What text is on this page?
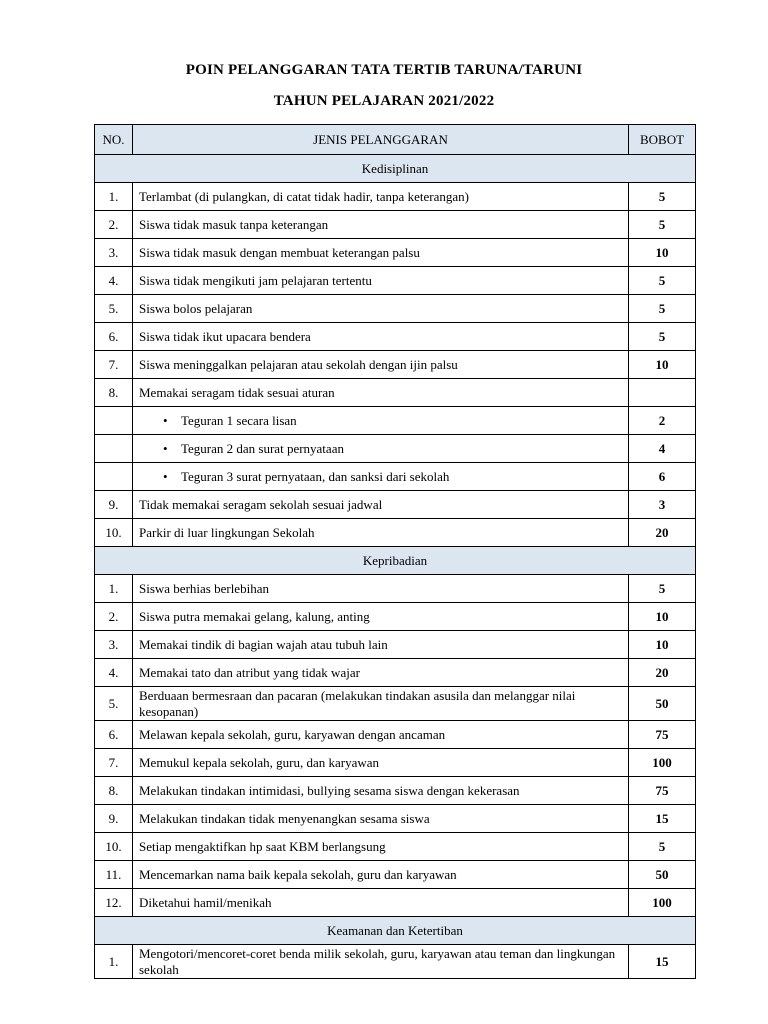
POIN PELANGGARAN TATA TERTIB TARUNA/TARUNI
TAHUN PELAJARAN 2021/2022
NO.	JENIS PELANGGARAN	BOBOT
Kedisiplinan		
1.	Terlambat (di pulangkan, di catat tidak hadir, tanpa keterangan)	5
2.	Siswa tidak masuk tanpa keterangan	5
3.	Siswa tidak masuk dengan membuat keterangan palsu	10
4.	Siswa tidak mengikuti jam pelajaran tertentu	5
5.	Siswa bolos pelajaran	5
6.	Siswa tidak ikut upacara bendera	5
7.	Siswa meninggalkan pelajaran atau sekolah dengan ijin palsu	10
8.	Memakai seragam tidak sesuai aturan	
	• Teguran 1 secara lisan	2
	• Teguran 2 dan surat pernyataan	4
	• Teguran 3 surat pernyataan, dan sanksi dari sekolah	6
9.	Tidak memakai seragam sekolah sesuai jadwal	3
10.	Parkir di luar lingkungan Sekolah	20
Kepribadian		
1.	Siswa berhias berlebihan	5
2.	Siswa putra memakai gelang, kalung, anting	10
3.	Memakai tindik di bagian wajah atau tubuh lain	10
4.	Memakai tato dan atribut yang tidak wajar	20
5.	Berduaan bermesraan dan pacaran (melakukan tindakan asusila dan melanggar nilai kesopanan)	50
6.	Melawan kepala sekolah, guru, karyawan dengan ancaman	75
7.	Memukul kepala sekolah, guru, dan karyawan	100
8.	Melakukan tindakan intimidasi, bullying sesama siswa dengan kekerasan	75
9.	Melakukan tindakan tidak menyenangkan sesama siswa	15
10.	Setiap mengaktifkan hp saat KBM berlangsung	5
11.	Mencemarkan nama baik kepala sekolah, guru dan karyawan	50
12.	Diketahui hamil/menikah	100
Keamanan dan Ketertiban		
1.	Mengotori/mencoret-coret benda milik sekolah, guru, karyawan atau teman dan lingkungan sekolah	15
